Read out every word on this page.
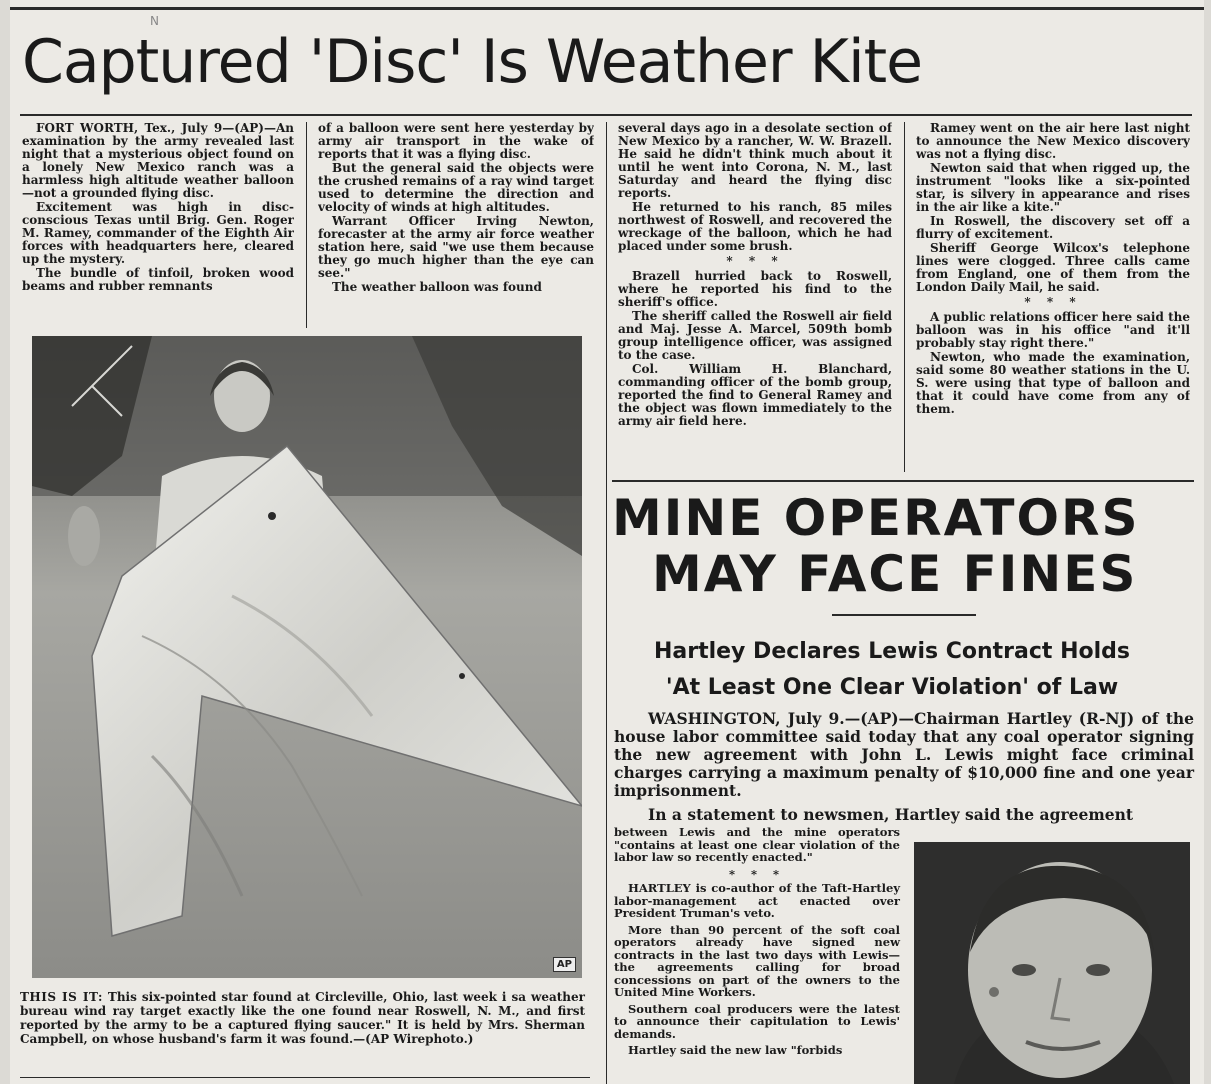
N
Captured 'Disc' Is Weather Kite

FORT WORTH, Tex., July 9—(AP)—An examination by the army revealed last night that a mysterious object found on a lonely New Mexico ranch was a harmless high altitude weather balloon—not a grounded flying disc.

Excitement was high in disc-conscious Texas until Brig. Gen. Roger M. Ramey, commander of the Eighth Air forces with headquarters here, cleared up the mystery.

The bundle of tinfoil, broken wood beams and rubber remnants

of a balloon were sent here yesterday by army air transport in the wake of reports that it was a flying disc.

But the general said the objects were the crushed remains of a ray wind target used to determine the direction and velocity of winds at high altitudes.

Warrant Officer Irving Newton, forecaster at the army air force weather station here, said "we use them because they go much higher than the eye can see."

The weather balloon was found

several days ago in a desolate section of New Mexico by a rancher, W. W. Brazell. He said he didn't think much about it until he went into Corona, N. M., last Saturday and heard the flying disc reports.

He returned to his ranch, 85 miles northwest of Roswell, and recovered the wreckage of the balloon, which he had placed under some brush.

* * *

Brazell hurried back to Roswell, where he reported his find to the sheriff's office.

The sheriff called the Roswell air field and Maj. Jesse A. Marcel, 509th bomb group intelligence officer, was assigned to the case.

Col. William H. Blanchard, commanding officer of the bomb group, reported the find to General Ramey and the object was flown immediately to the army air field here.

Ramey went on the air here last night to announce the New Mexico discovery was not a flying disc.

Newton said that when rigged up, the instrument "looks like a six-pointed star, is silvery in appearance and rises in the air like a kite."

In Roswell, the discovery set off a flurry of excitement.

Sheriff George Wilcox's telephone lines were clogged. Three calls came from England, one of them from the London Daily Mail, he said.

* * *

A public relations officer here said the balloon was in his office "and it'll probably stay right there."

Newton, who made the examination, said some 80 weather stations in the U. S. were using that type of balloon and that it could have come from any of them.

AP
THIS IS IT: This six-pointed star found at Circleville, Ohio, last week i sa weather bureau wind ray target exactly like the one found near Roswell, N. M., and first reported by the army to be a captured flying saucer." It is held by Mrs. Sherman Campbell, on whose husband's farm it was found.—(AP Wirephoto.)
MINE OPERATORS
MAY FACE FINES
Hartley Declares Lewis Contract Holds
'At Least One Clear Violation' of Law

WASHINGTON, July 9.—(AP)—Chairman Hartley (R-NJ) of the house labor committee said today that any coal operator signing the new agreement with John L. Lewis might face criminal charges carrying a maximum penalty of $10,000 fine and one year imprisonment.

In a statement to newsmen, Hartley said the agreement

between Lewis and the mine operators "contains at least one clear violation of the labor law so recently enacted."

* * *

HARTLEY is co-author of the Taft-Hartley labor-management act enacted over President Truman's veto.

More than 90 percent of the soft coal operators already have signed new contracts in the last two days with Lewis—the agreements calling for broad concessions on part of the owners to the United Mine Workers.

Southern coal producers were the latest to announce their capitulation to Lewis' demands.

Hartley said the new law "forbids
